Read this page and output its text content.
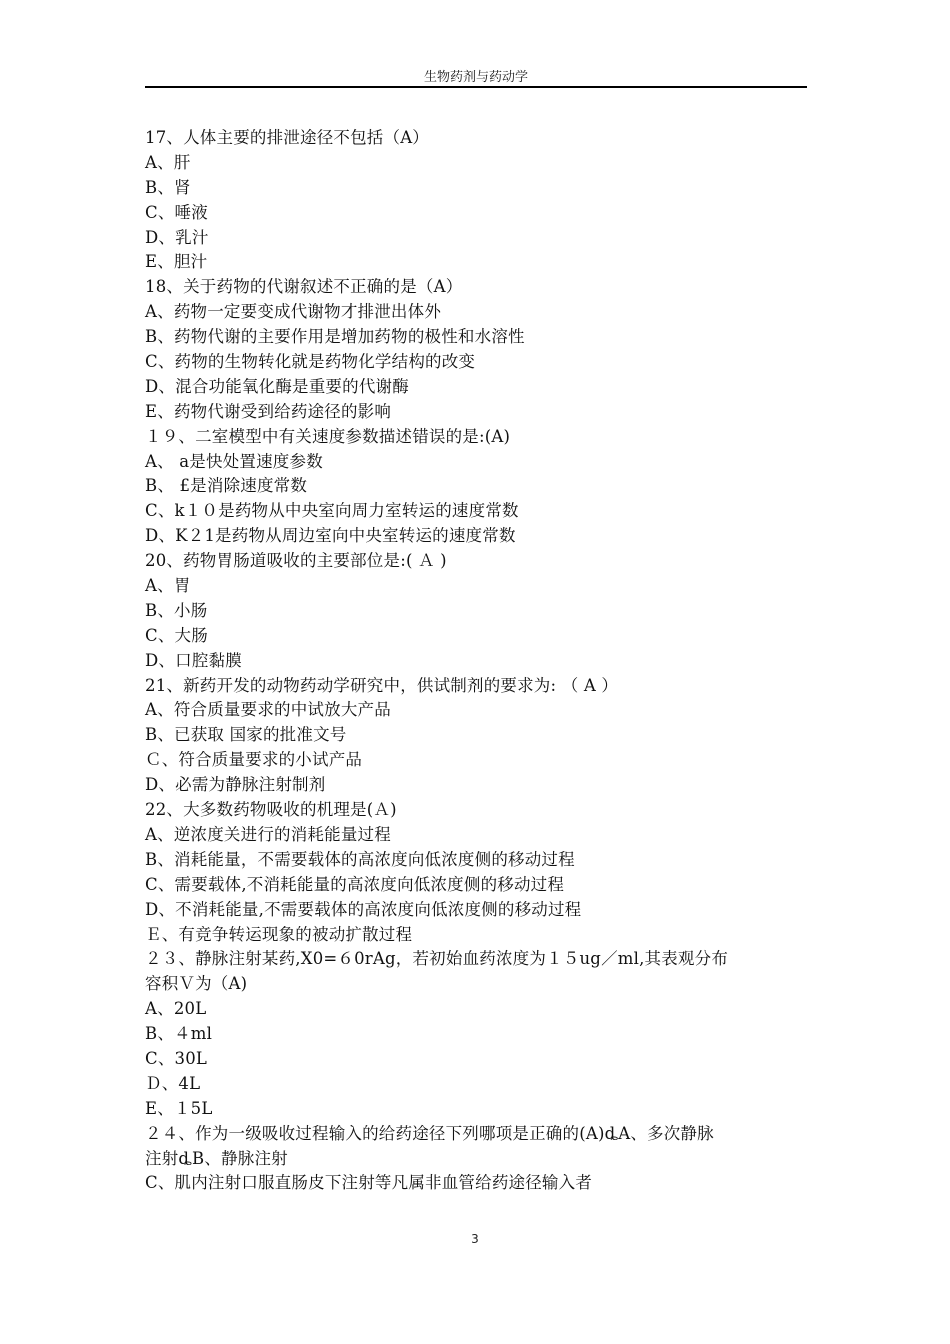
生物药剂与药动学
17、人体主要的排泄途径不包括（A）
A、肝
B、肾
C、唾液
D、乳汁
E、胆汁
18、关于药物的代谢叙述不正确的是（A）
A、药物一定要变成代谢物才排泄出体外
B、药物代谢的主要作用是增加药物的极性和水溶性
C、药物的生物转化就是药物化学结构的改变
D、混合功能氧化酶是重要的代谢酶
E、药物代谢受到给药途径的影响
１９、二室模型中有关速度参数描述错误的是:(A)
A、 a是快处置速度参数
B、 £是消除速度常数
C、k１０是药物从中央室向周力室转运的速度常数
D、K２1是药物从周边室向中央室转运的速度常数
20、药物胃肠道吸收的主要部位是:( Ａ )
A、胃
B、小肠
C、大肠
D、口腔黏膜
21、新药开发的动物药动学研究中，供试制剂的要求为: （ A ）
A、符合质量要求的中试放大产品
B、已获取 国家的批准文号
Ｃ、符合质量要求的小试产品
D、必需为静脉注射制剂
22、大多数药物吸收的机理是(Ａ)
A、逆浓度关进行的消耗能量过程
B、消耗能量，不需要载体的高浓度向低浓度侧的移动过程
C、需要载体,不消耗能量的高浓度向低浓度侧的移动过程
D、不消耗能量,不需要载体的高浓度向低浓度侧的移动过程
Ｅ、有竞争转运现象的被动扩散过程
２３、静脉注射某药,X0=６0rAg，若初始血药浓度为１５ug／ml,其表观分布
容积Ｖ为（A)
A、20L
B、４ml
C、30L
Ｄ、4L
E、１5L
２４、作为一级吸收过程输入的给药途径下列哪项是正确的(A)ȡA、多次静脉
注射ȡB、静脉注射
C、肌内注射口服直肠皮下注射等凡属非血管给药途径输入者
3
